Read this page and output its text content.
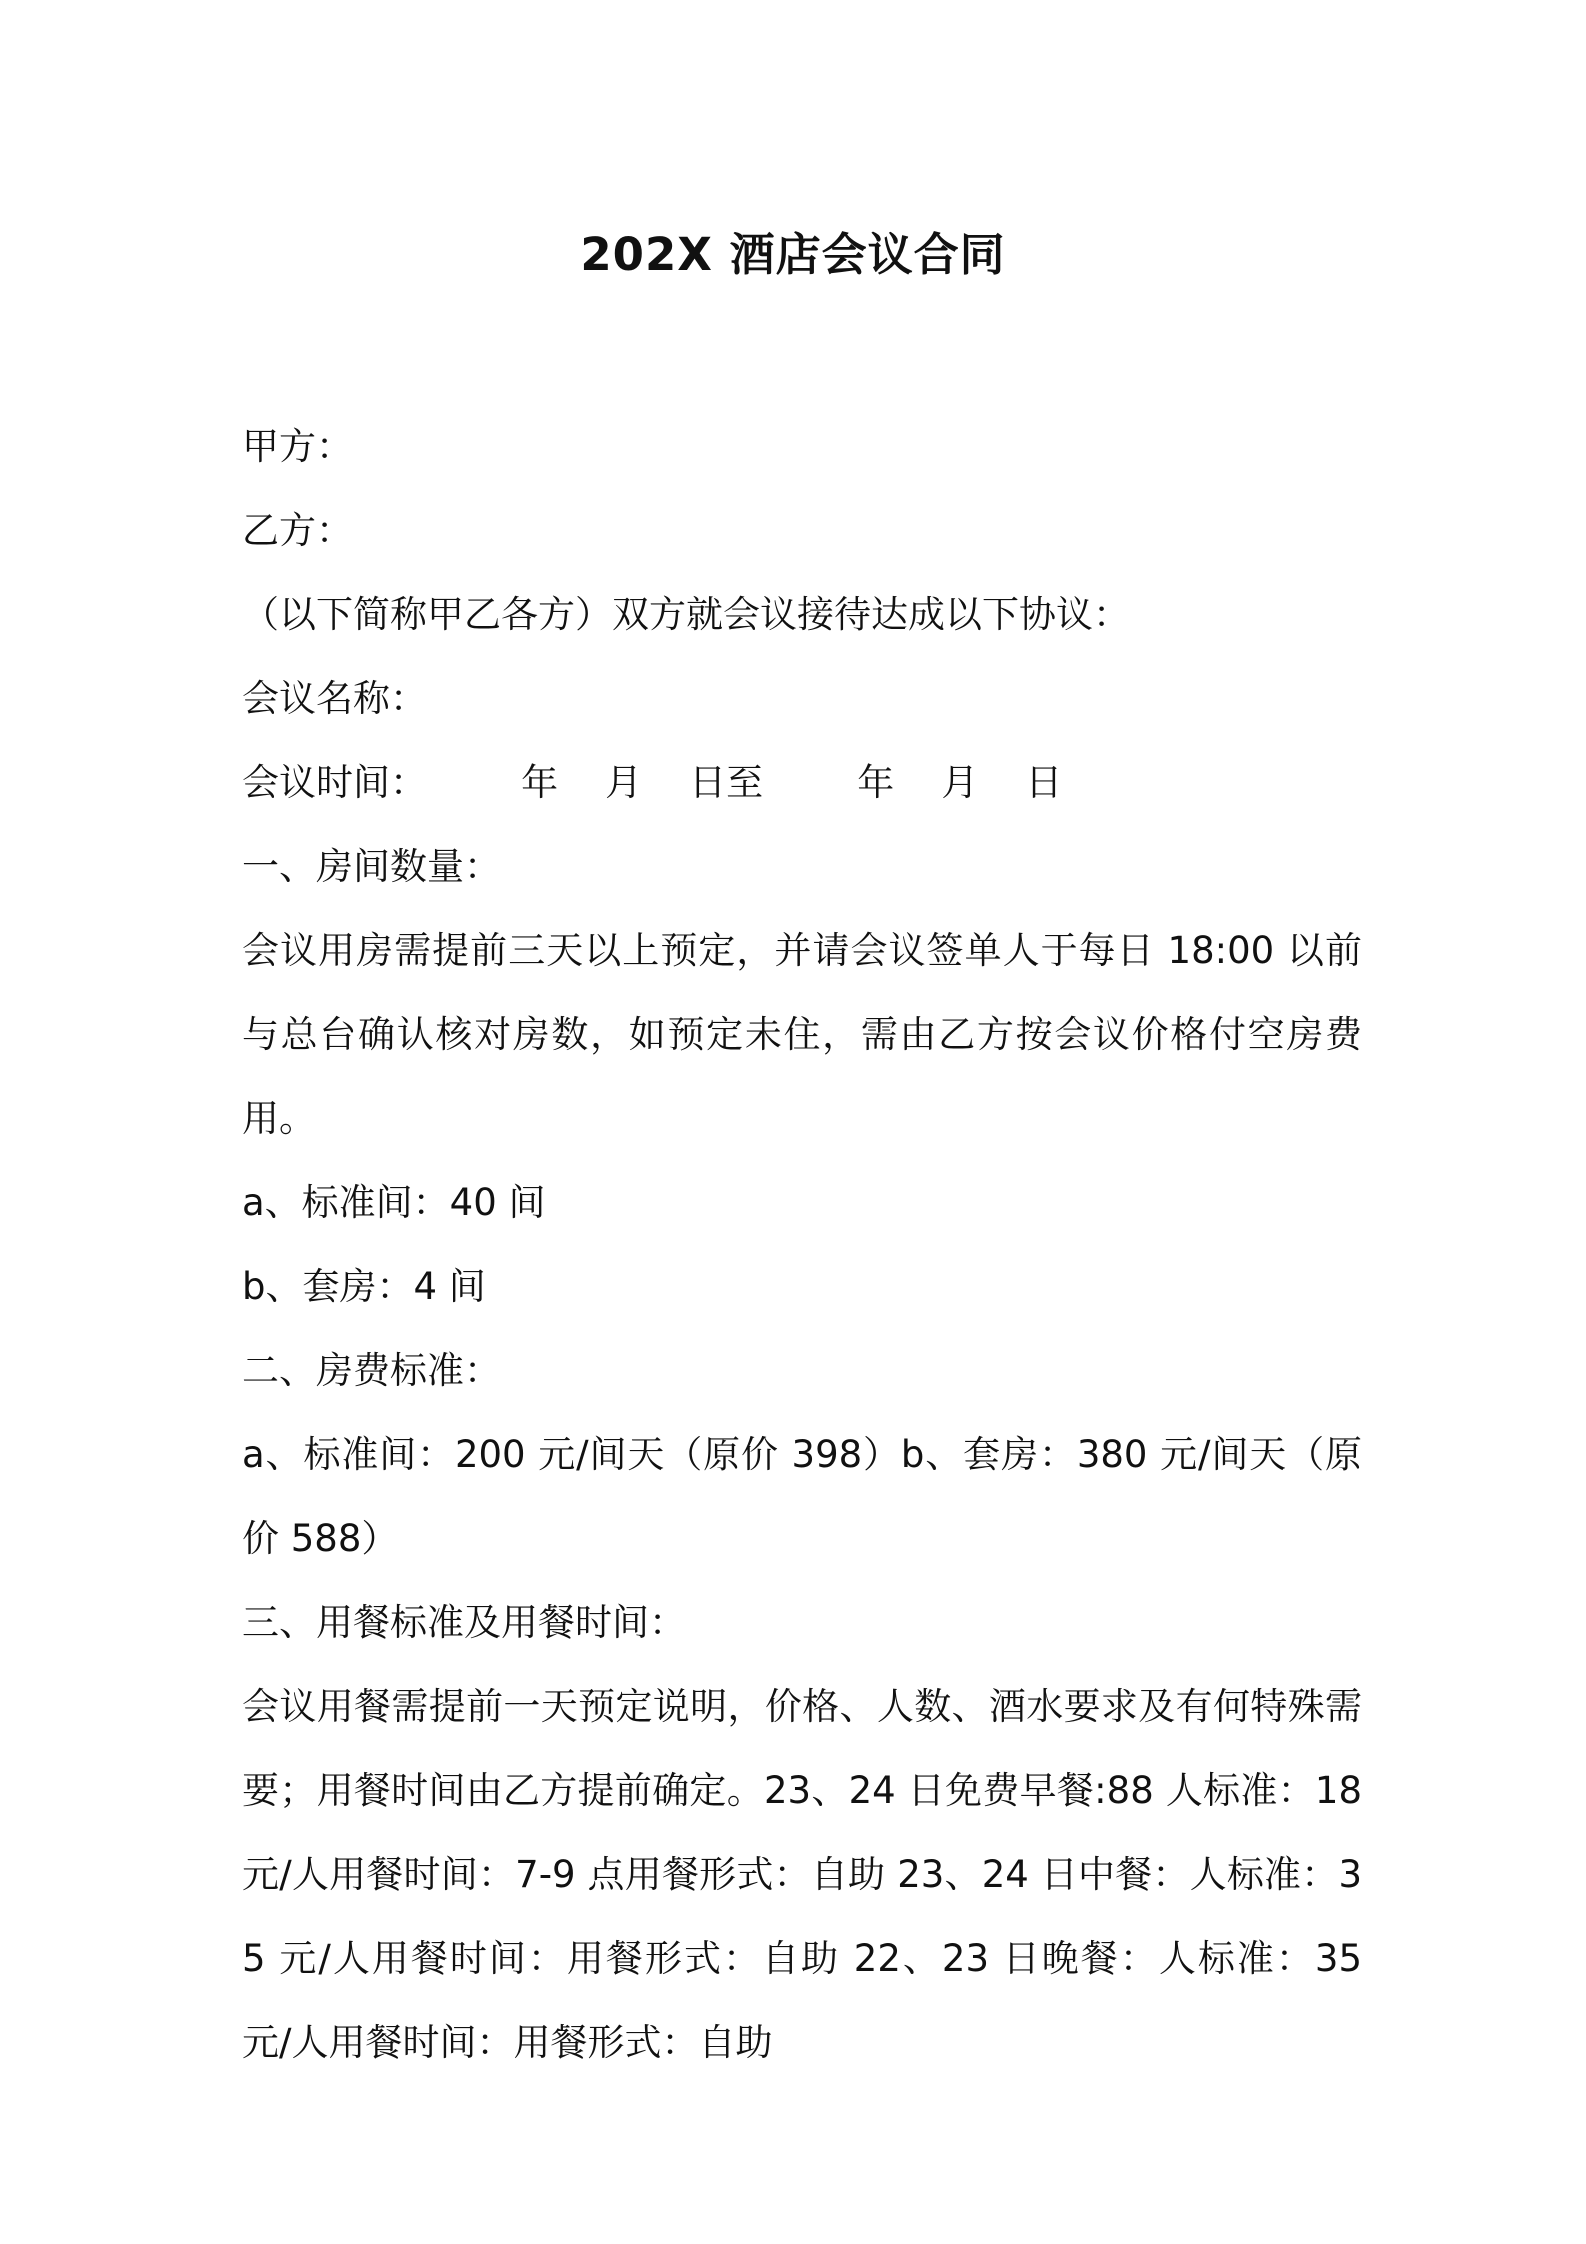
202X 酒店会议合同

甲方：

乙方：

（以下简称甲乙各方）双方就会议接待达成以下协议：

会议名称：

会议时间：        年    月    日至        年    月    日

一、房间数量：

会议用房需提前三天以上预定，并请会议签单人于每日 18:00 以前与总台确认核对房数，如预定未住，需由乙方按会议价格付空房费用。

a、标准间：40 间

b、套房：4 间

二、房费标准：

a、标准间：200 元/间天（原价 398）b、套房：380 元/间天（原价 588）

三、用餐标准及用餐时间：

会议用餐需提前一天预定说明，价格、人数、酒水要求及有何特殊需要；用餐时间由乙方提前确定。23、24 日免费早餐:88 人标准：18 元/人用餐时间：7-9 点用餐形式：自助 23、24 日中餐：人标准：35 元/人用餐时间：用餐形式：自助 22、23 日晚餐：人标准：35 元/人用餐时间：用餐形式：自助
